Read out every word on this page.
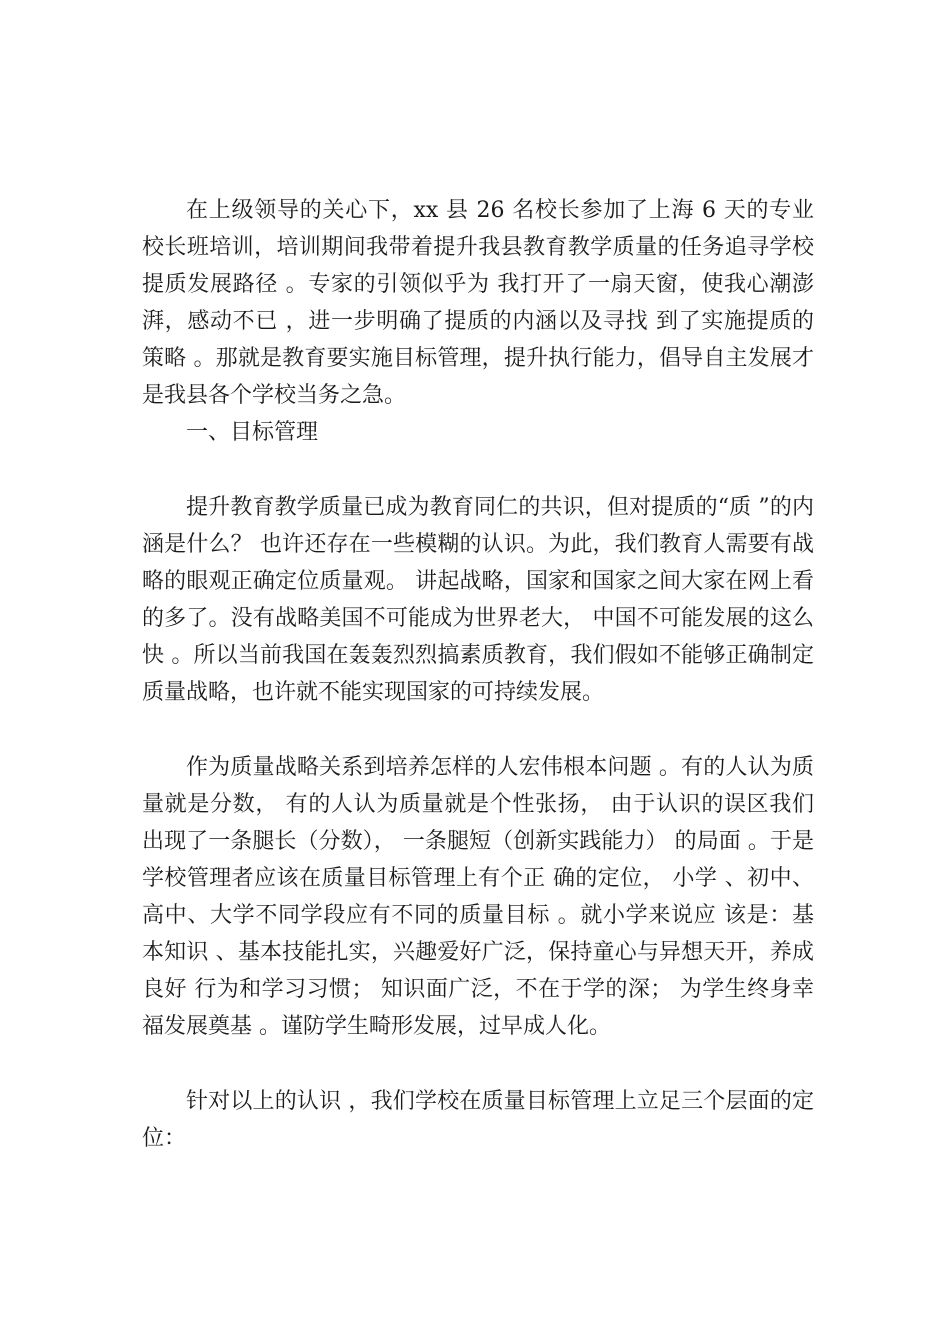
在上级领导的关心下，xx 县 26 名校长参加了上海 6 天的专业校长班培训，培训期间我带着提升我县教育教学质量的任务追寻学校提质发展路径 。专家的引领似乎为 我打开了一扇天窗，使我心潮澎湃，感动不已 ，进一步明确了提质的内涵以及寻找 到了实施提质的策略 。那就是教育要实施目标管理，提升执行能力，倡导自主发展才是我县各个学校当务之急。

一、目标管理

提升教育教学质量已成为教育同仁的共识，但对提质的“质 ”的内涵是什么？ 也许还存在一些模糊的认识。为此，我们教育人需要有战略的眼观正确定位质量观。 讲起战略，国家和国家之间大家在网上看的多了。没有战略美国不可能成为世界老大， 中国不可能发展的这么快 。所以当前我国在轰轰烈烈搞素质教育，我们假如不能够正确制定质量战略，也许就不能实现国家的可持续发展。

作为质量战略关系到培养怎样的人宏伟根本问题 。有的人认为质量就是分数， 有的人认为质量就是个性张扬， 由于认识的误区我们出现了一条腿长（分数）， 一条腿短（创新实践能力） 的局面 。于是学校管理者应该在质量目标管理上有个正 确的定位， 小学 、初中、高中、大学不同学段应有不同的质量目标 。就小学来说应 该是：基本知识 、基本技能扎实，兴趣爱好广泛，保持童心与异想天开，养成良好 行为和学习习惯； 知识面广泛，不在于学的深； 为学生终身幸福发展奠基 。谨防学生畸形发展，过早成人化。

针对以上的认识 ，我们学校在质量目标管理上立足三个层面的定位：
